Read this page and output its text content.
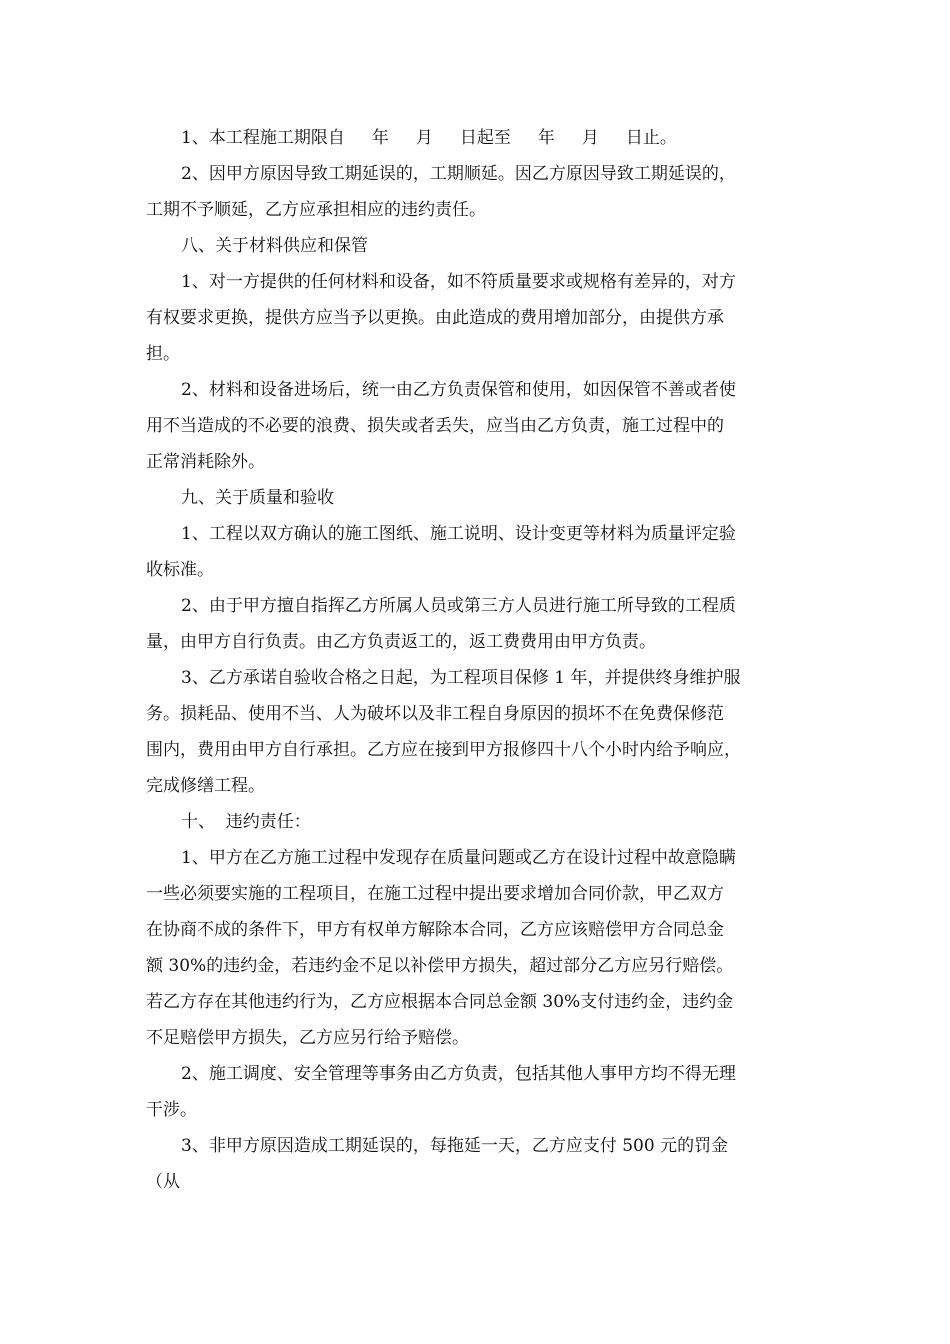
1、本工程施工期限自     年     月     日起至     年     月     日止。
2、因甲方原因导致工期延误的，工期顺延。因乙方原因导致工期延误的，
工期不予顺延，乙方应承担相应的违约责任。
八、关于材料供应和保管
1、对一方提供的任何材料和设备，如不符质量要求或规格有差异的，对方
有权要求更换，提供方应当予以更换。由此造成的费用增加部分，由提供方承
担。
2、材料和设备进场后，统一由乙方负责保管和使用，如因保管不善或者使
用不当造成的不必要的浪费、损失或者丢失，应当由乙方负责，施工过程中的
正常消耗除外。
九、关于质量和验收
1、工程以双方确认的施工图纸、施工说明、设计变更等材料为质量评定验
收标准。
2、由于甲方擅自指挥乙方所属人员或第三方人员进行施工所导致的工程质
量，由甲方自行负责。由乙方负责返工的，返工费费用由甲方负责。
3、乙方承诺自验收合格之日起，为工程项目保修 1 年，并提供终身维护服
务。损耗品、使用不当、人为破坏以及非工程自身原因的损坏不在免费保修范
围内，费用由甲方自行承担。乙方应在接到甲方报修四十八个小时内给予响应，
完成修缮工程。
十、  违约责任：
1、甲方在乙方施工过程中发现存在质量问题或乙方在设计过程中故意隐瞒
一些必须要实施的工程项目，在施工过程中提出要求增加合同价款，甲乙双方
在协商不成的条件下，甲方有权单方解除本合同，乙方应该赔偿甲方合同总金
额 30%的违约金，若违约金不足以补偿甲方损失，超过部分乙方应另行赔偿。
若乙方存在其他违约行为，乙方应根据本合同总金额 30%支付违约金，违约金
不足赔偿甲方损失，乙方应另行给予赔偿。
2、施工调度、安全管理等事务由乙方负责，包括其他人事甲方均不得无理
干涉。
3、非甲方原因造成工期延误的，每拖延一天，乙方应支付 500 元的罚金
（从
